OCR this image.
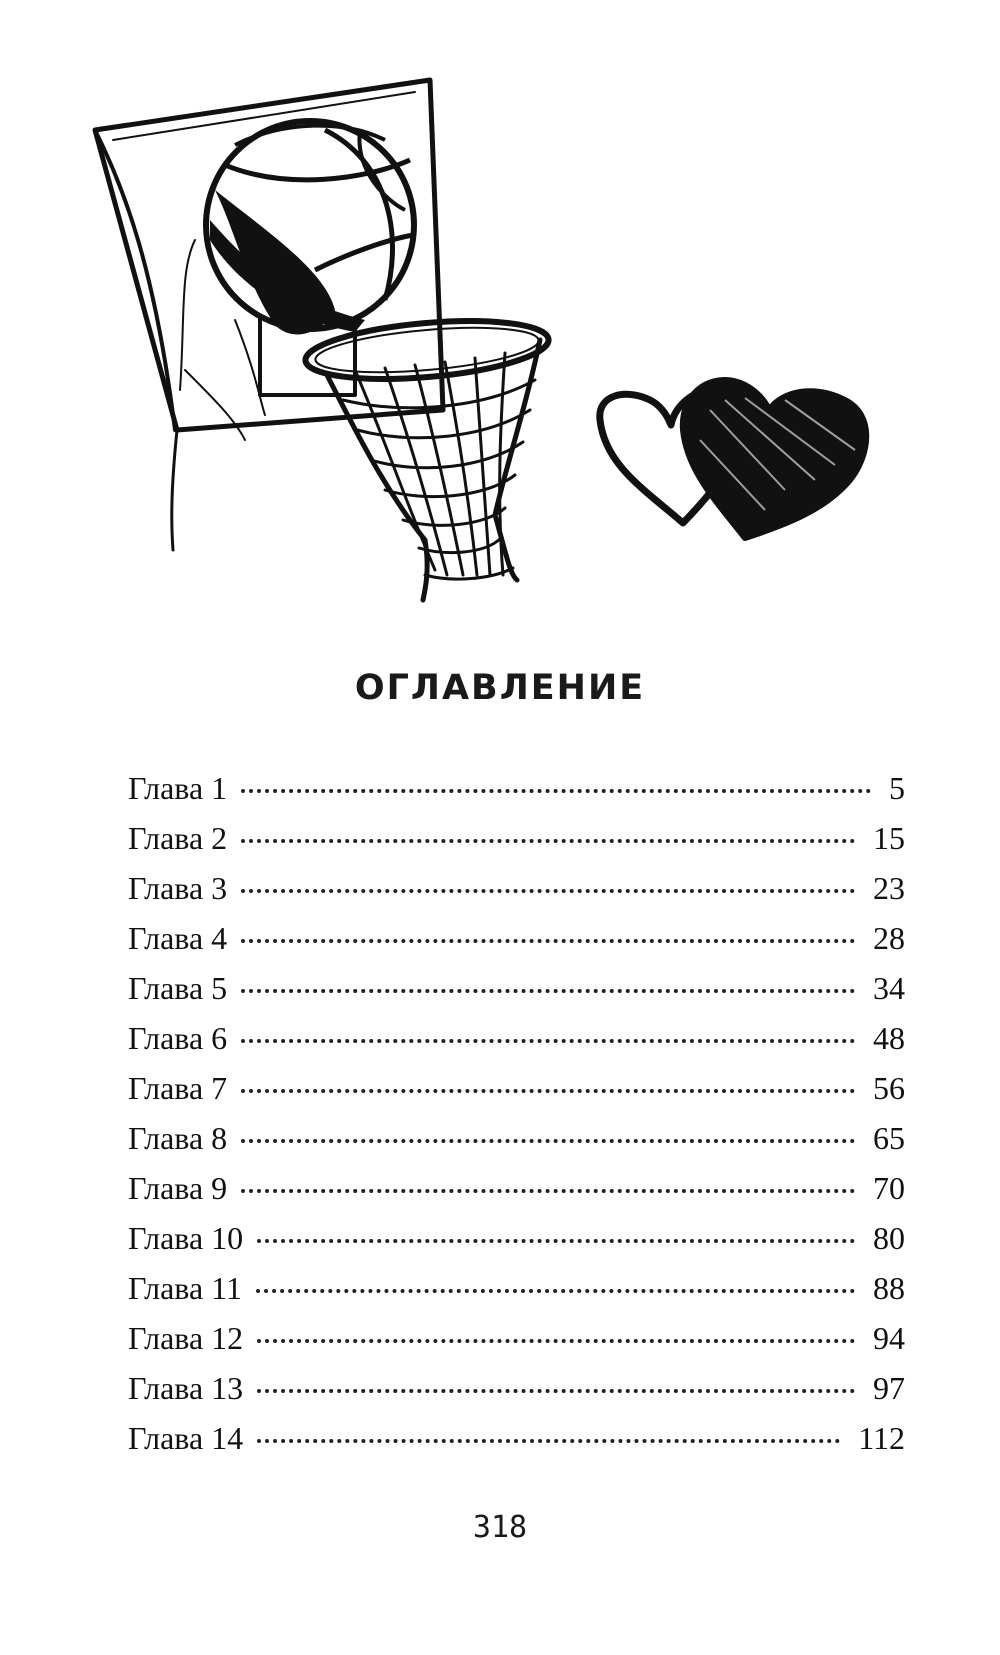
ОГЛАВЛЕНИЕ
Глава 1	5
Глава 2	15
Глава 3	23
Глава 4	28
Глава 5	34
Глава 6	48
Глава 7	56
Глава 8	65
Глава 9	70
Глава 10	80
Глава 11	88
Глава 12	94
Глава 13	97
Глава 14	112
318
